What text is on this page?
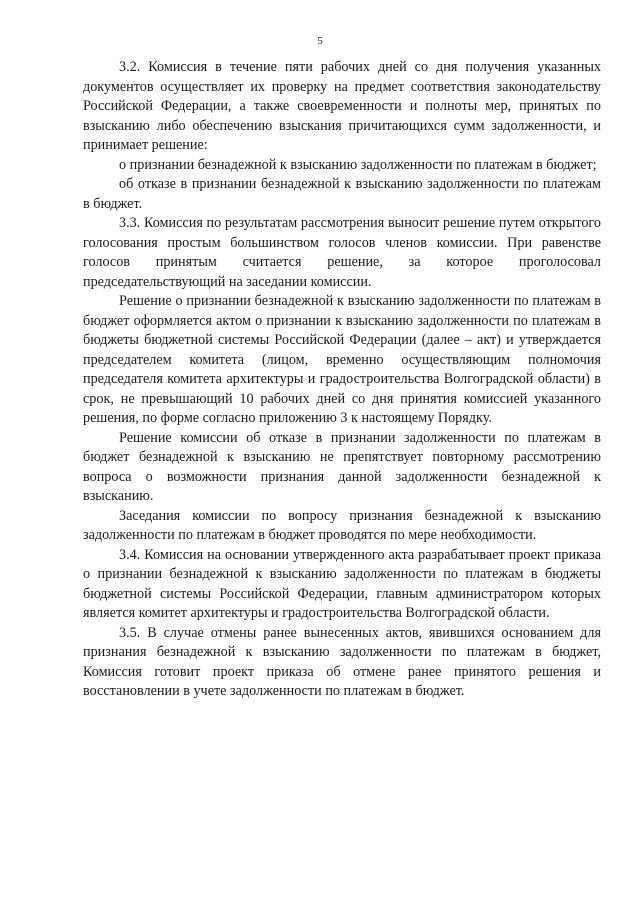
5

3.2. Комиссия в течение пяти рабочих дней со дня получения указанных документов осуществляет их проверку на предмет соответствия законодательству Российской Федерации, а также своевременности и полноты мер, принятых по взысканию либо обеспечению взыскания причитающихся сумм задолженности, и принимает решение:

о признании безнадежной к взысканию задолженности по платежам в бюджет;

об отказе в признании безнадежной к взысканию задолженности по платежам в бюджет.

3.3. Комиссия по результатам рассмотрения выносит решение путем открытого голосования простым большинством голосов членов комиссии. При равенстве голосов принятым считается решение, за которое проголосовал председательствующий на заседании комиссии.

Решение о признании безнадежной к взысканию задолженности по платежам в бюджет оформляется актом о признании к взысканию задолженности по платежам в бюджеты бюджетной системы Российской Федерации (далее – акт) и утверждается председателем комитета (лицом, временно осуществляющим полномочия председателя комитета архитектуры и градостроительства Волгоградской области) в срок, не превышающий 10 рабочих дней со дня принятия комиссией указанного решения, по форме согласно приложению 3 к настоящему Порядку.

Решение комиссии об отказе в признании задолженности по платежам в бюджет безнадежной к взысканию не препятствует повторному рассмотрению вопроса о возможности признания данной задолженности безнадежной к взысканию.

Заседания комиссии по вопросу признания безнадежной к взысканию задолженности по платежам в бюджет проводятся по мере необходимости.

3.4. Комиссия на основании утвержденного акта разрабатывает проект приказа о признании безнадежной к взысканию задолженности по платежам в бюджеты бюджетной системы Российской Федерации, главным администратором которых является комитет архитектуры и градостроительства Волгоградской области.

3.5. В случае отмены ранее вынесенных актов, явившихся основанием для признания безнадежной к взысканию задолженности по платежам в бюджет, Комиссия готовит проект приказа об отмене ранее принятого решения и восстановлении в учете задолженности по платежам в бюджет.
